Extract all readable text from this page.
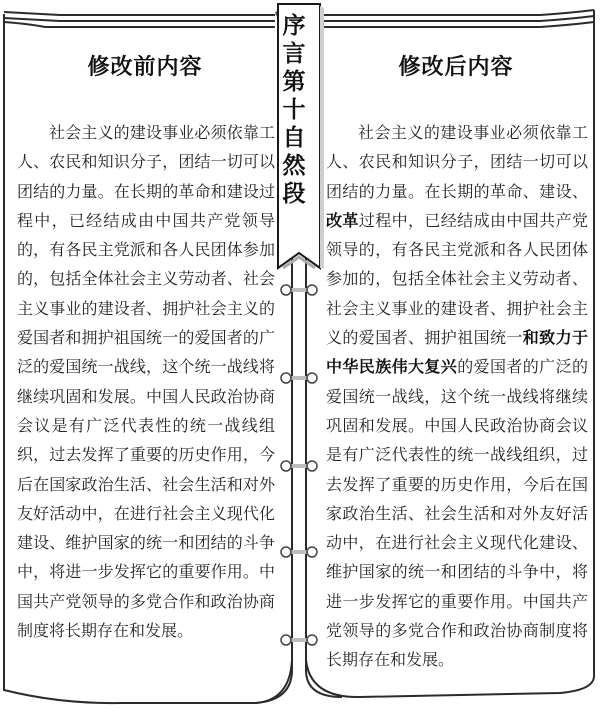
序
言
第
十
自
然
段
修改前内容
社会主义的建设事业必须依靠工人、农民和知识分子，团结一切可以团结的力量。在长期的革命和建设过程中，已经结成由中国共产党领导的，有各民主党派和各人民团体参加的，包括全体社会主义劳动者、社会主义事业的建设者、拥护社会主义的爱国者和拥护祖国统一的爱国者的广泛的爱国统一战线，这个统一战线将继续巩固和发展。中国人民政治协商会议是有广泛代表性的统一战线组织，过去发挥了重要的历史作用，今后在国家政治生活、社会生活和对外友好活动中，在进行社会主义现代化建设、维护国家的统一和团结的斗争中，将进一步发挥它的重要作用。中国共产党领导的多党合作和政治协商制度将长期存在和发展。
修改后内容
社会主义的建设事业必须依靠工人、农民和知识分子，团结一切可以团结的力量。在长期的革命、建设、改革过程中，已经结成由中国共产党领导的，有各民主党派和各人民团体参加的，包括全体社会主义劳动者、社会主义事业的建设者、拥护社会主义的爱国者、拥护祖国统一和致力于中华民族伟大复兴的爱国者的广泛的爱国统一战线，这个统一战线将继续巩固和发展。中国人民政治协商会议是有广泛代表性的统一战线组织，过去发挥了重要的历史作用，今后在国家政治生活、社会生活和对外友好活动中，在进行社会主义现代化建设、维护国家的统一和团结的斗争中，将进一步发挥它的重要作用。中国共产党领导的多党合作和政治协商制度将长期存在和发展。
